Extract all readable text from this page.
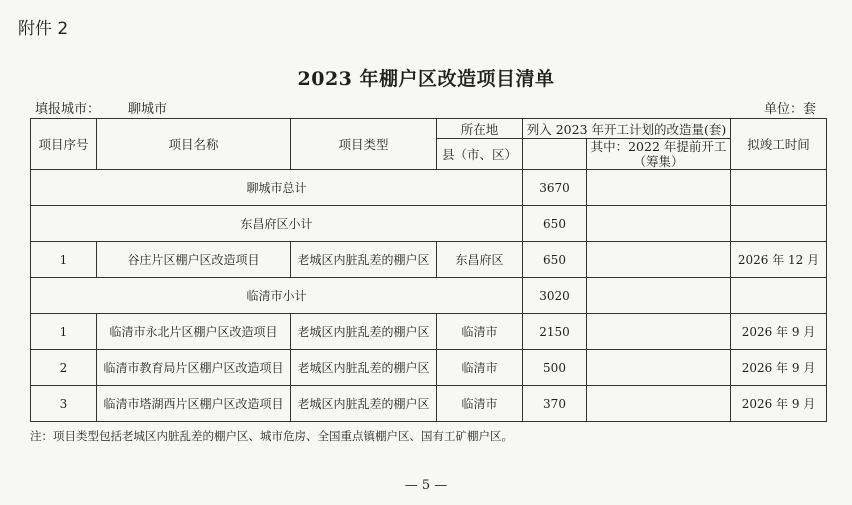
附件 2
2023 年棚户区改造项目清单
填报城市： 聊城市	单位：套
项目序号	项目名称	项目类型	所在地	列入 2023 年开工计划的改造量(套)		拟竣工时间
			县（市、区）		其中：2022 年提前开工（筹集）	
聊城市总计				3670		
东昌府区小计				650		
1	谷庄片区棚户区改造项目	老城区内脏乱差的棚户区	东昌府区	650		2026 年 12 月
临清市小计				3020		
1	临清市永北片区棚户区改造项目	老城区内脏乱差的棚户区	临清市	2150		2026 年 9 月
2	临清市教育局片区棚户区改造项目	老城区内脏乱差的棚户区	临清市	500		2026 年 9 月
3	临清市塔湖西片区棚户区改造项目	老城区内脏乱差的棚户区	临清市	370		2026 年 9 月
注：项目类型包括老城区内脏乱差的棚户区、城市危房、全国重点镇棚户区、国有工矿棚户区。
— 5 —
